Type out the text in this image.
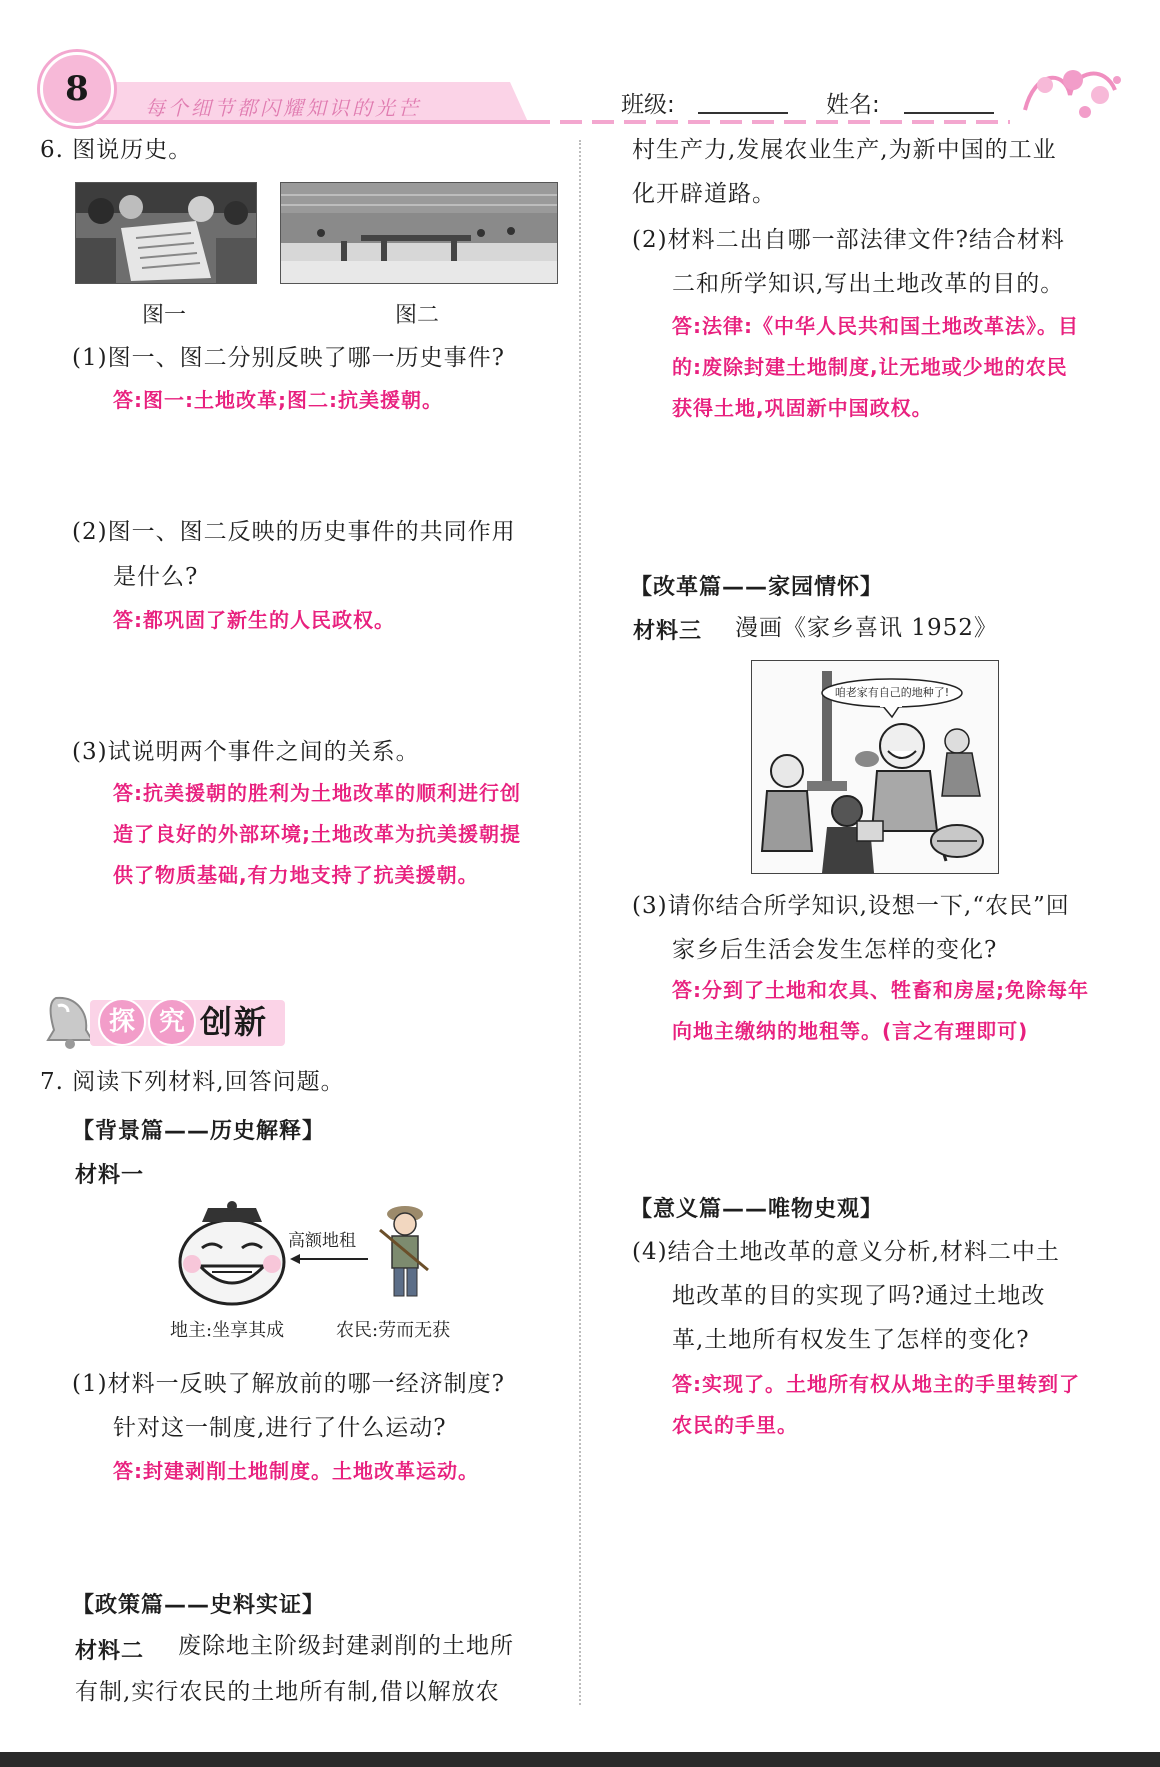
8	每个细节都闪耀知识的光芒	班级:	姓名:
6. 图说历史。
图一	图二
(1)图一、图二分别反映了哪一历史事件?
答:图一:土地改革;图二:抗美援朝。
(2)图一、图二反映的历史事件的共同作用
是什么?
答:都巩固了新生的人民政权。
(3)试说明两个事件之间的关系。
答:抗美援朝的胜利为土地改革的顺利进行创
造了良好的外部环境;土地改革为抗美援朝提
供了物质基础,有力地支持了抗美援朝。
探 究 创新
7. 阅读下列材料,回答问题。
【背景篇——历史解释】
材料一
高额地租
地主:坐享其成	农民:劳而无获
(1)材料一反映了解放前的哪一经济制度?
针对这一制度,进行了什么运动?
答:封建剥削土地制度。土地改革运动。
【政策篇——史料实证】
材料二 废除地主阶级封建剥削的土地所
有制,实行农民的土地所有制,借以解放农
村生产力,发展农业生产,为新中国的工业
化开辟道路。
(2)材料二出自哪一部法律文件?结合材料
二和所学知识,写出土地改革的目的。
答:法律:《中华人民共和国土地改革法》。目
的:废除封建土地制度,让无地或少地的农民
获得土地,巩固新中国政权。
【改革篇——家园情怀】
材料三 漫画《家乡喜讯 1952》
咱老家有自己的地种了!
(3)请你结合所学知识,设想一下,“农民”回
家乡后生活会发生怎样的变化?
答:分到了土地和农具、牲畜和房屋;免除每年
向地主缴纳的地租等。(言之有理即可)
【意义篇——唯物史观】
(4)结合土地改革的意义分析,材料二中土
地改革的目的实现了吗?通过土地改
革,土地所有权发生了怎样的变化?
答:实现了。土地所有权从地主的手里转到了
农民的手里。
